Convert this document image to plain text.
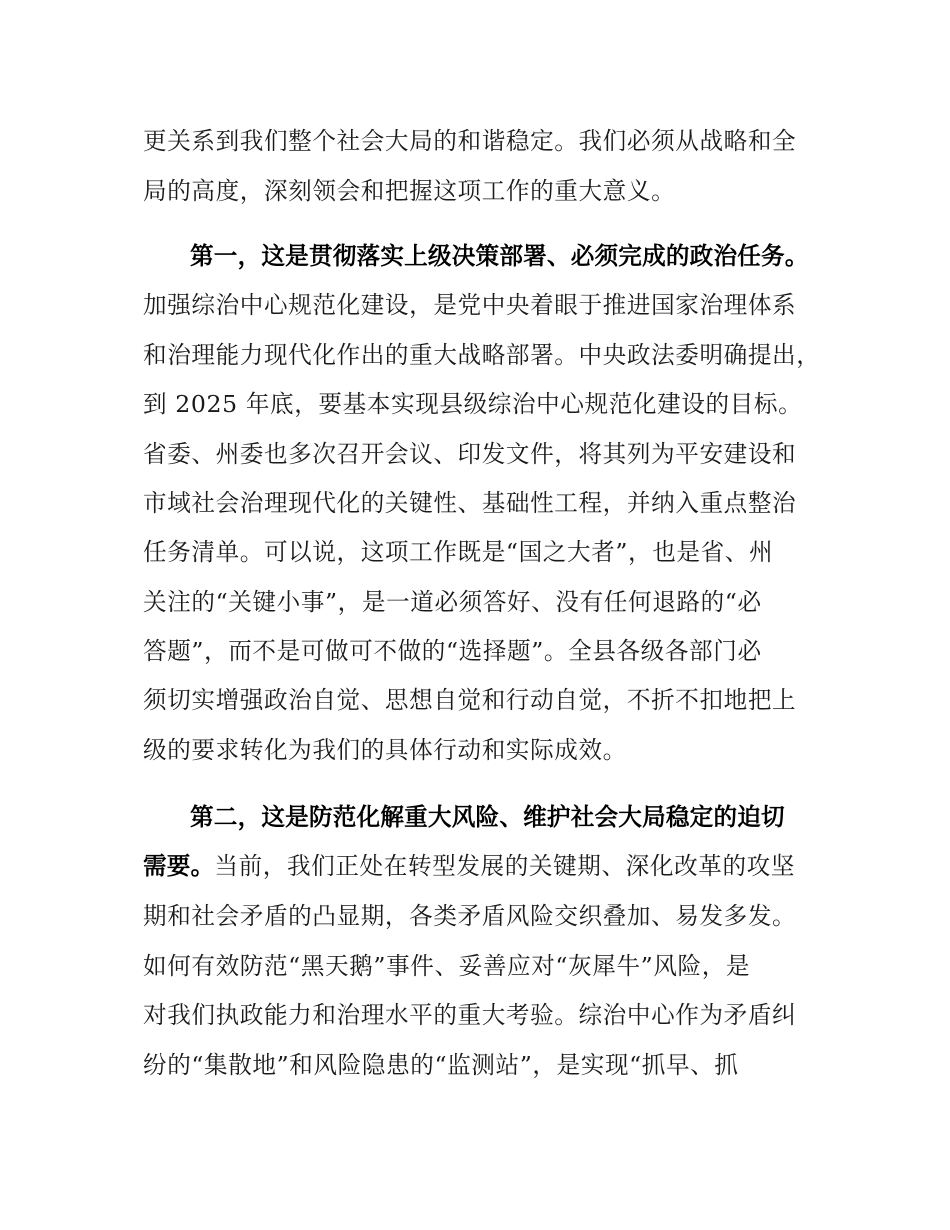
更关系到我们整个社会大局的和谐稳定。我们必须从战略和全
局的高度，深刻领会和把握这项工作的重大意义。
第一，这是贯彻落实上级决策部署、必须完成的政治任务。
加强综治中心规范化建设，是党中央着眼于推进国家治理体系
和治理能力现代化作出的重大战略部署。中央政法委明确提出，
到 2025 年底，要基本实现县级综治中心规范化建设的目标。
省委、州委也多次召开会议、印发文件，将其列为平安建设和
市域社会治理现代化的关键性、基础性工程，并纳入重点整治
任务清单。可以说，这项工作既是“国之大者”，也是省、州
关注的“关键小事”，是一道必须答好、没有任何退路的“必
答题”，而不是可做可不做的“选择题”。全县各级各部门必
须切实增强政治自觉、思想自觉和行动自觉，不折不扣地把上
级的要求转化为我们的具体行动和实际成效。
第二，这是防范化解重大风险、维护社会大局稳定的迫切
需要。当前，我们正处在转型发展的关键期、深化改革的攻坚
期和社会矛盾的凸显期，各类矛盾风险交织叠加、易发多发。
如何有效防范“黑天鹅”事件、妥善应对“灰犀牛”风险，是
对我们执政能力和治理水平的重大考验。综治中心作为矛盾纠
纷的“集散地”和风险隐患的“监测站”，是实现“抓早、抓
